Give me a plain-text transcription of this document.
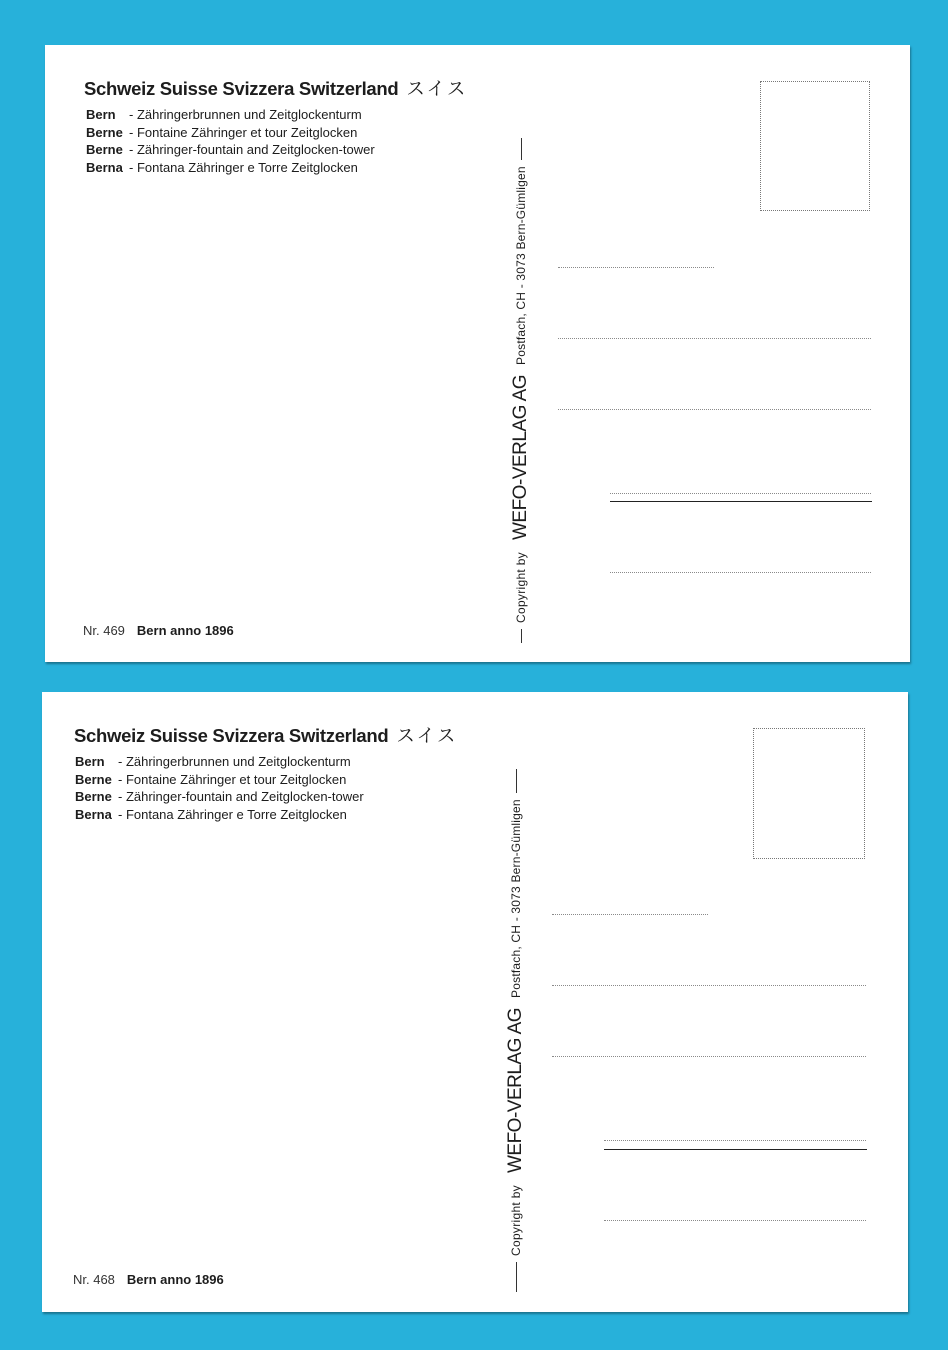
Schweiz Suisse Svizzera Switzerland スイス
Bern - Zähringerbrunnen und Zeitglockenturm
Berne - Fontaine Zähringer et tour Zeitglocken
Berne - Zähringer-fountain and Zeitglocken-tower
Berna - Fontana Zähringer e Torre Zeitglocken
Nr. 469 Bern anno 1896
Copyright by
WEFO-VERLAG AG
Postfach, CH - 3073 Bern-Gümligen
Schweiz Suisse Svizzera Switzerland スイス
Bern - Zähringerbrunnen und Zeitglockenturm
Berne - Fontaine Zähringer et tour Zeitglocken
Berne - Zähringer-fountain and Zeitglocken-tower
Berna - Fontana Zähringer e Torre Zeitglocken
Nr. 468 Bern anno 1896
Copyright by
WEFO-VERLAG AG
Postfach, CH - 3073 Bern-Gümligen
